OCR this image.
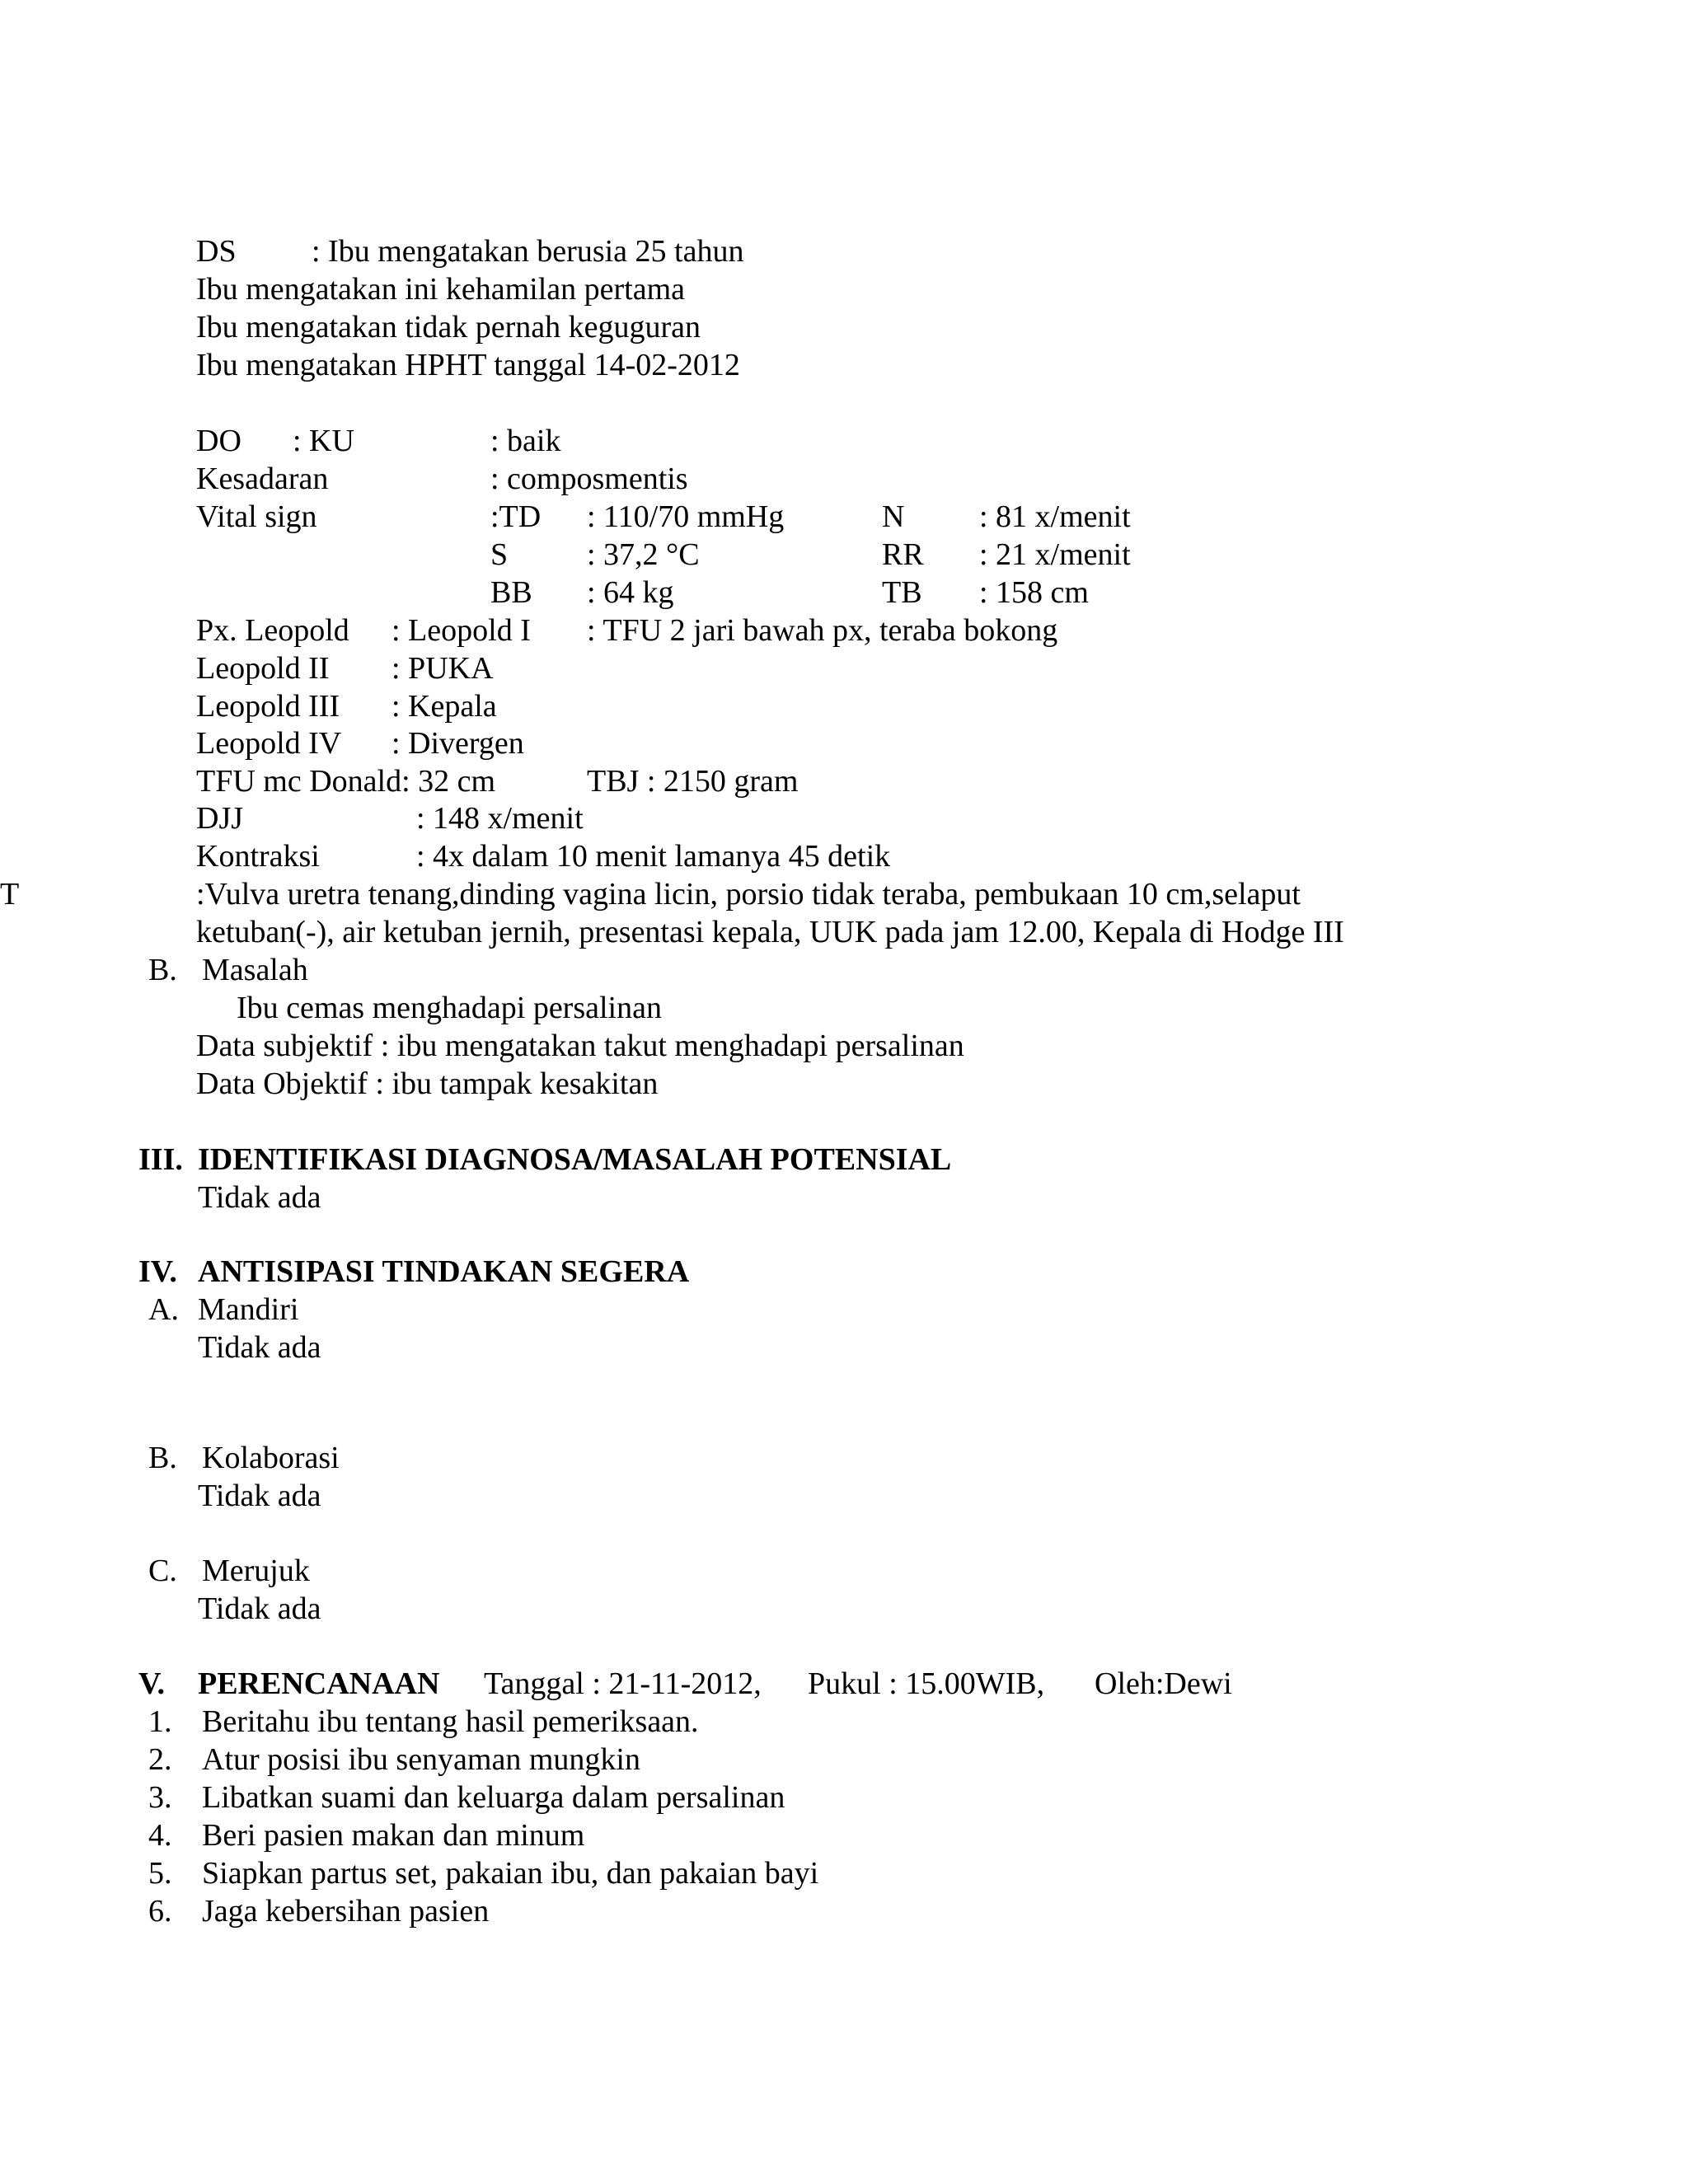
DS : Ibu mengatakan berusia 25 tahun
Ibu mengatakan ini kehamilan pertama
Ibu mengatakan tidak pernah keguguran
Ibu mengatakan HPHT tanggal 14-02-2012
DO : KU	: baik
Kesadaran	: composmentis
Vital sign	:TD : 110/70 mmHg	N : 81 x/menit
S	: 37,2 °C	RR : 21 x/menit
BB : 64 kg	TB : 158 cm
Px. Leopold : Leopold I : TFU 2 jari bawah px, teraba bokong
Leopold II : PUKA
Leopold III : Kepala
Leopold IV : Divergen
TFU mc Donald: 32 cm	TBJ : 2150 gram
DJJ	: 148 x/menit
Kontraksi	: 4x dalam 10 menit lamanya 45 detik
T	:Vulva uretra tenang,dinding vagina licin, porsio tidak teraba, pembukaan 10 cm,selaput
ketuban(-), air ketuban jernih, presentasi kepala, UUK pada jam 12.00, Kepala di Hodge III
B. Masalah
Ibu cemas menghadapi persalinan
Data subjektif : ibu mengatakan takut menghadapi persalinan
Data Objektif : ibu tampak kesakitan
III. IDENTIFIKASI DIAGNOSA/MASALAH POTENSIAL
Tidak ada
IV. ANTISIPASI TINDAKAN SEGERA
A. Mandiri
Tidak ada
B. Kolaborasi
Tidak ada
C. Merujuk
Tidak ada
V. PERENCANAAN Tanggal : 21-11-2012, Pukul : 15.00WIB, Oleh:Dewi
1. Beritahu ibu tentang hasil pemeriksaan.
2. Atur posisi ibu senyaman mungkin
3. Libatkan suami dan keluarga dalam persalinan
4. Beri pasien makan dan minum
5. Siapkan partus set, pakaian ibu, dan pakaian bayi
6. Jaga kebersihan pasien
